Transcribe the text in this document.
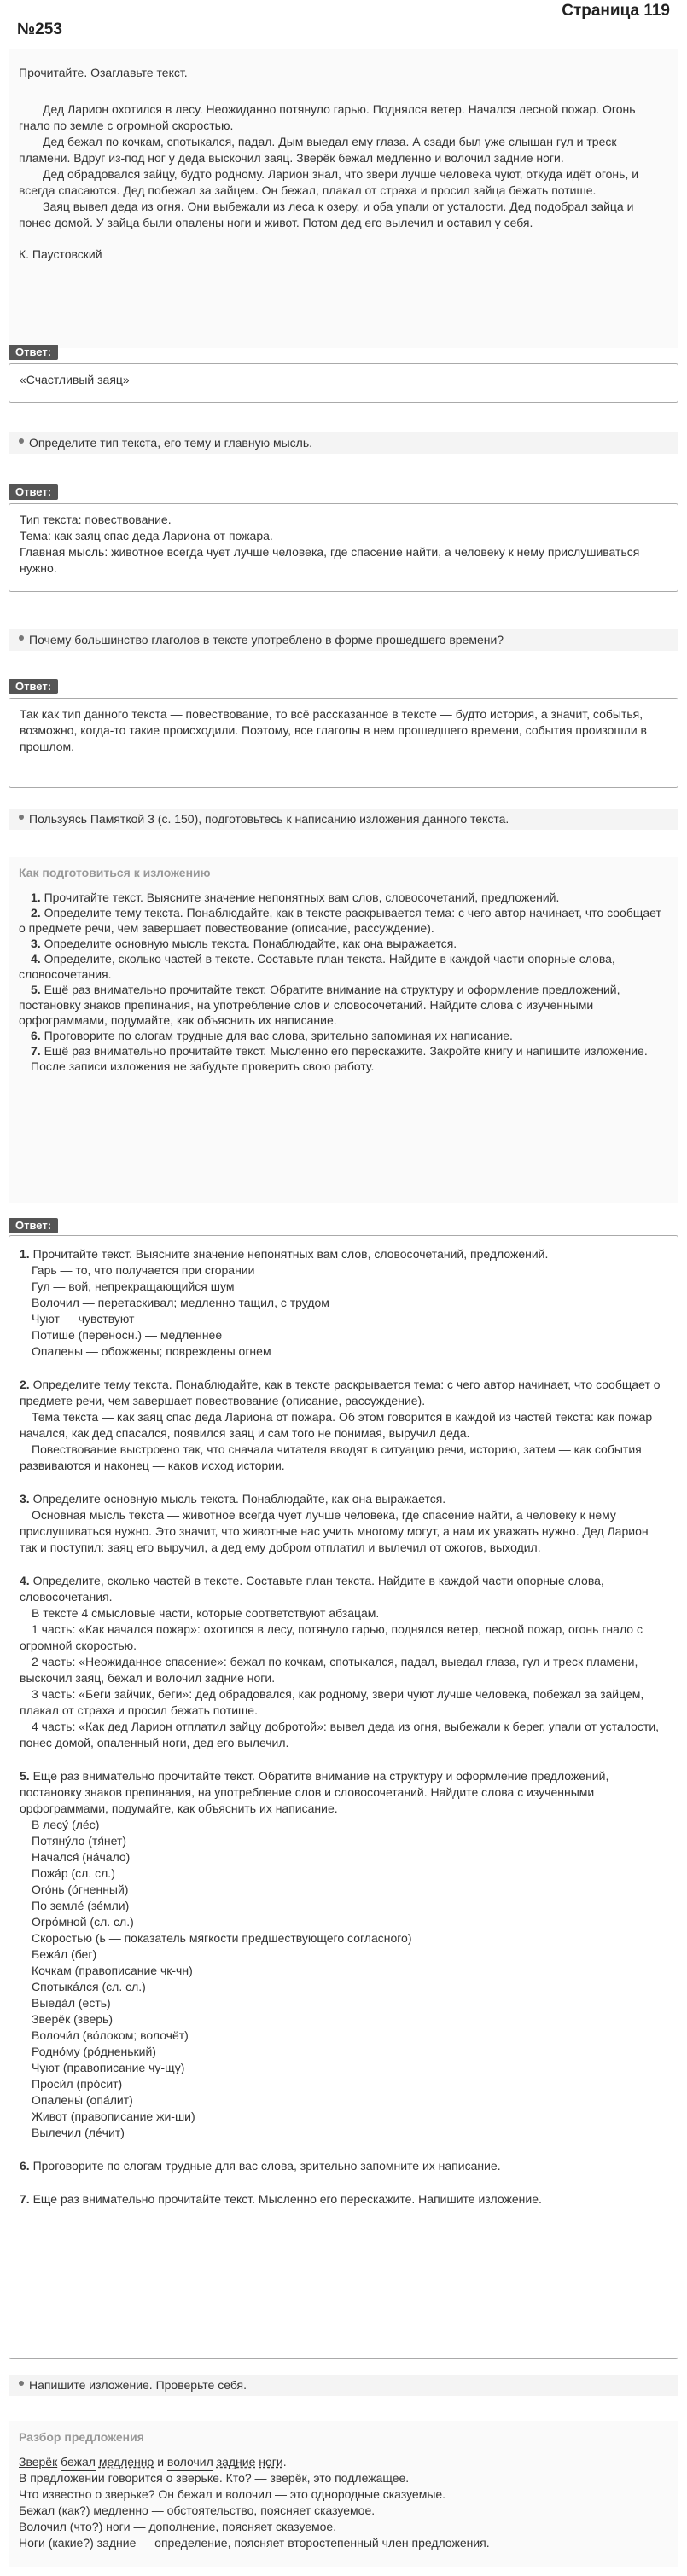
Страница 119
№253

Прочитайте. Озаглавьте текст.

Дед Ларион охотился в лесу. Неожиданно потянуло гарью. Поднялся ветер. Начался лесной пожар. Огонь гнало по земле с огромной скоростью.

Дед бежал по кочкам, спотыкался, падал. Дым выедал ему глаза. А сзади был уже слышан гул и треск пламени. Вдруг из-под ног у деда выскочил заяц. Зверёк бежал медленно и волочил задние ноги.

Дед обрадовался зайцу, будто родному. Ларион знал, что звери лучше человека чуют, откуда идёт огонь, и всегда спасаются. Дед побежал за зайцем. Он бежал, плакал от страха и просил зайца бежать потише.

Заяц вывел деда из огня. Они выбежали из леса к озеру, и оба упали от усталости. Дед подобрал зайца и понес домой. У зайца были опалены ноги и живот. Потом дед его вылечил и оставил у себя.

К. Паустовский

Ответ:
«Счастливый заяц»
Определите тип текста, его тему и главную мысль.
Ответ:
Тип текста: повествование.
Тема: как заяц спас деда Лариона от пожара.
Главная мысль: животное всегда чует лучше человека, где спасение найти, а человеку к нему прислушиваться нужно.
Почему большинство глаголов в тексте употреблено в форме прошедшего времени?
Ответ:
Так как тип данного текста — повествование, то всё рассказанное в тексте — будто история, а значит, событья, возможно, когда-то такие происходили. Поэтому, все глаголы в нем прошедшего времени, события произошли в прошлом.
Пользуясь Памяткой 3 (с. 150), подготовьтесь к написанию изложения данного текста.
Как подготовиться к изложению

1. Прочитайте текст. Выясните значение непонятных вам слов, словосочетаний, предложений.

2. Определите тему текста. Понаблюдайте, как в тексте раскрывается тема: с чего автор начинает, что сообщает о предмете речи, чем завершает повествование (описание, рассуждение).

3. Определите основную мысль текста. Понаблюдайте, как она выражается.

4. Определите, сколько частей в тексте. Составьте план текста. Найдите в каждой части опорные слова, словосочетания.

5. Ещё раз внимательно прочитайте текст. Обратите внимание на структуру и оформление предложений, постановку знаков препинания, на употребление слов и словосочетаний. Найдите слова с изученными орфограммами, подумайте, как объяснить их написание.

6. Проговорите по слогам трудные для вас слова, зрительно запоминая их написание.

7. Ещё раз внимательно прочитайте текст. Мысленно его перескажите. Закройте книгу и напишите изложение.

После записи изложения не забудьте проверить свою работу.

Ответ:

1. Прочитайте текст. Выясните значение непонятных вам слов, словосочетаний, предложений.

Гарь — то, что получается при сгорании

Гул — вой, непрекращающийся шум

Волочил — перетаскивал; медленно тащил, с трудом

Чуют — чувствуют

Потише (переносн.) — медленнее

Опалены — обожжены; повреждены огнем

2. Определите тему текста. Понаблюдайте, как в тексте раскрывается тема: с чего автор начинает, что сообщает о предмете речи, чем завершает повествование (описание, рассуждение).

Тема текста — как заяц спас деда Лариона от пожара. Об этом говорится в каждой из частей текста: как пожар начался, как дед спасался, появился заяц и сам того не понимая, выручил деда.

Повествование выстроено так, что сначала читателя вводят в ситуацию речи, историю, затем — как события развиваются и наконец — каков исход истории.

3. Определите основную мысль текста. Понаблюдайте, как она выражается.

Основная мысль текста — животное всегда чует лучше человека, где спасение найти, а человеку к нему прислушиваться нужно. Это значит, что животные нас учить многому могут, а нам их уважать нужно. Дед Ларион так и поступил: заяц его выручил, а дед ему добром отплатил и вылечил от ожогов, выходил.

4. Определите, сколько частей в тексте. Составьте план текста. Найдите в каждой части опорные слова, словосочетания.

В тексте 4 смысловые части, которые соответствуют абзацам.

1 часть: «Как начался пожар»: охотился в лесу, потянуло гарью, поднялся ветер, лесной пожар, огонь гнало с огромной скоростью.

2 часть: «Неожиданное спасение»: бежал по кочкам, спотыкался, падал, выедал глаза, гул и треск пламени, выскочил заяц, бежал и волочил задние ноги.

3 часть: «Беги зайчик, беги»: дед обрадовался, как родному, звери чуют лучше человека, побежал за зайцем, плакал от страха и просил бежать потише.

4 часть: «Как дед Ларион отплатил зайцу добротой»: вывел деда из огня, выбежали к берег, упали от усталости, понес домой, опаленный ноги, дед его вылечил.

5. Еще раз внимательно прочитайте текст. Обратите внимание на структуру и оформление предложений, постановку знаков препинания, на употребление слов и словосочетаний. Найдите слова с изученными орфограммами, подумайте, как объяснить их написание.

В лесу́ (ле́с)

Потяну́ло (тя́нет)

Начался́ (на́чало)

Пожа́р (сл. сл.)

Ого́нь (о́гненный)

По земле́ (зе́мли)

Огро́мной (сл. сл.)

Скоростью (ь — показатель мягкости предшествующего согласного)

Бежа́л (бег)

Кочкам (правописание чк-чн)

Спотыка́лся (сл. сл.)

Выеда́л (есть)

Зверёк (зверь)

Волочи́л (во́локом; волочёт)

Родно́му (ро́дненький)

Чуют (правописание чу-щу)

Проси́л (про́сит)

Опалены́ (опа́лит)

Живот (правописание жи-ши)

Вылечил (ле́чит)

6. Проговорите по слогам трудные для вас слова, зрительно запомните их написание.

7. Еще раз внимательно прочитайте текст. Мысленно его перескажите. Напишите изложение.

Напишите изложение. Проверьте себя.
Разбор предложения
Зверёк бежал медленно и волочил задние ноги.
В предложении говорится о зверьке. Кто? — зверёк, это подлежащее.
Что известно о зверьке? Он бежал и волочил — это однородные сказуемые.
Бежал (как?) медленно — обстоятельство, поясняет сказуемое.
Волочил (что?) ноги — дополнение, поясняет сказуемое.
Ноги (какие?) задние — определение, поясняет второстепенный член предложения.
